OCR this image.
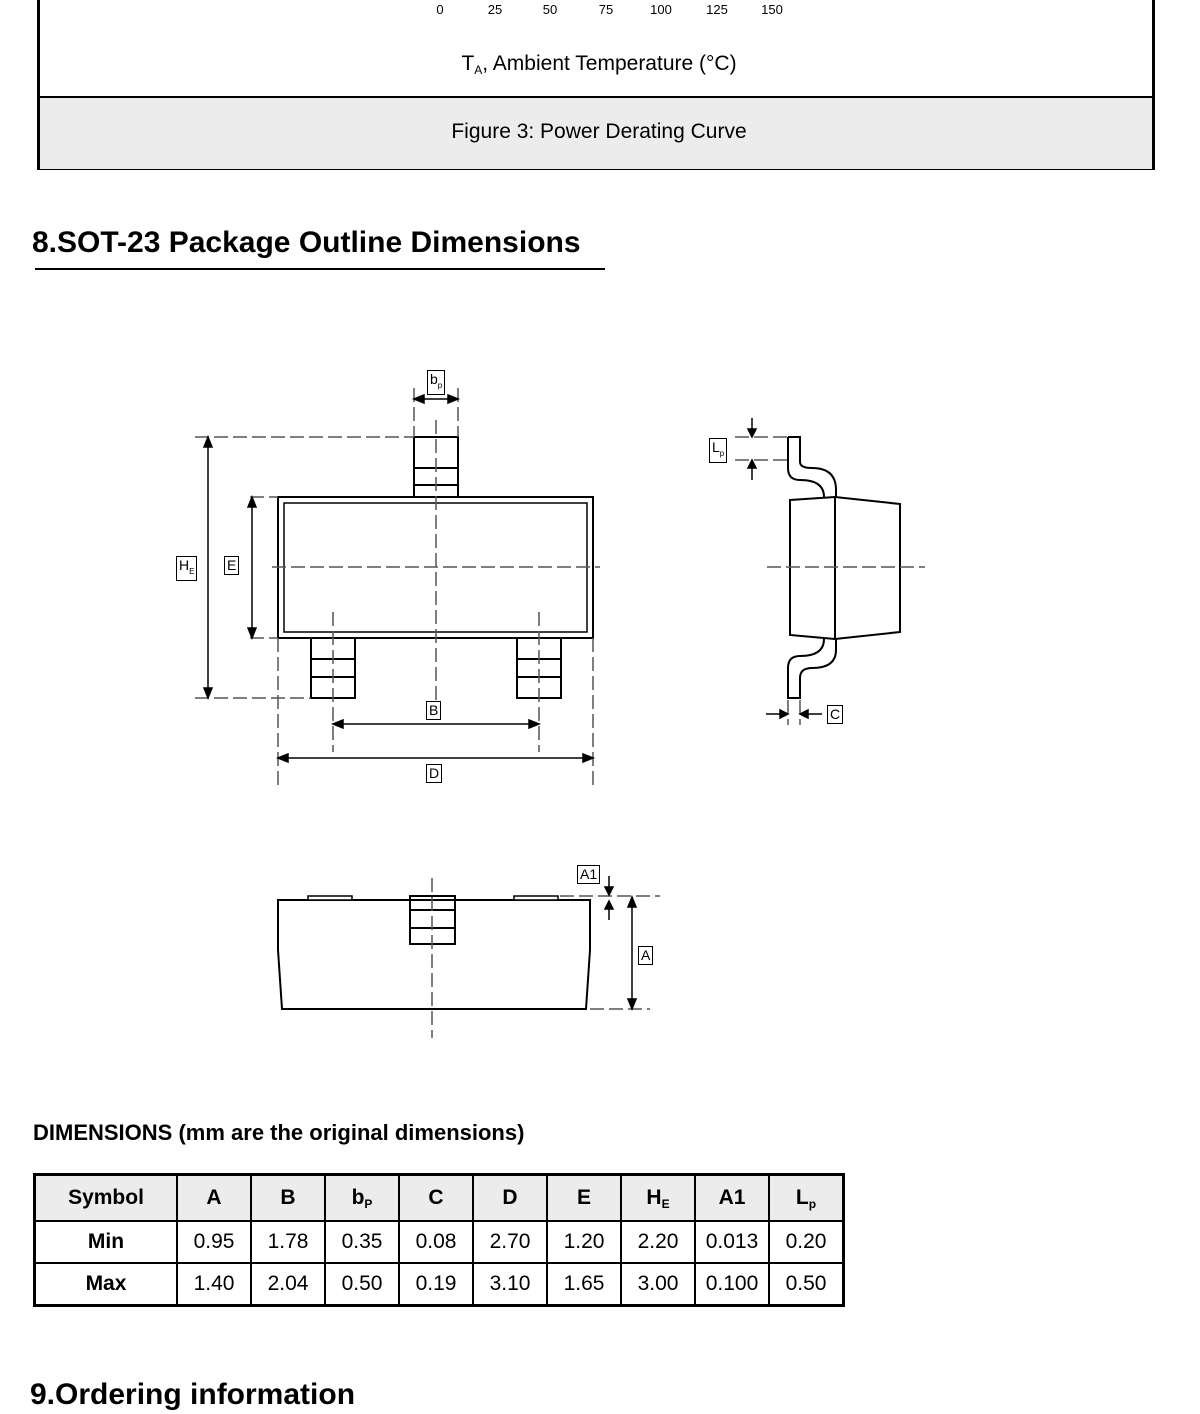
0	25	50	75	100	125	150
$T_A$, Ambient Temperature (°C)
Figure 3: Power Derating Curve
8.SOT-23 Package Outline Dimensions
$b_p$
$L_p$
$H_E$ E
B
D
C
A1
A
DIMENSIONS (mm are the original dimensions)
Symbol	A	B	$b_P$	C	D	E	$H_E$	A1	$L_p$
Min	0.95	1.78	0.35	0.08	2.70	1.20	2.20	0.013	0.20
Max	1.40	2.04	0.50	0.19	3.10	1.65	3.00	0.100	0.50
9.Ordering information
